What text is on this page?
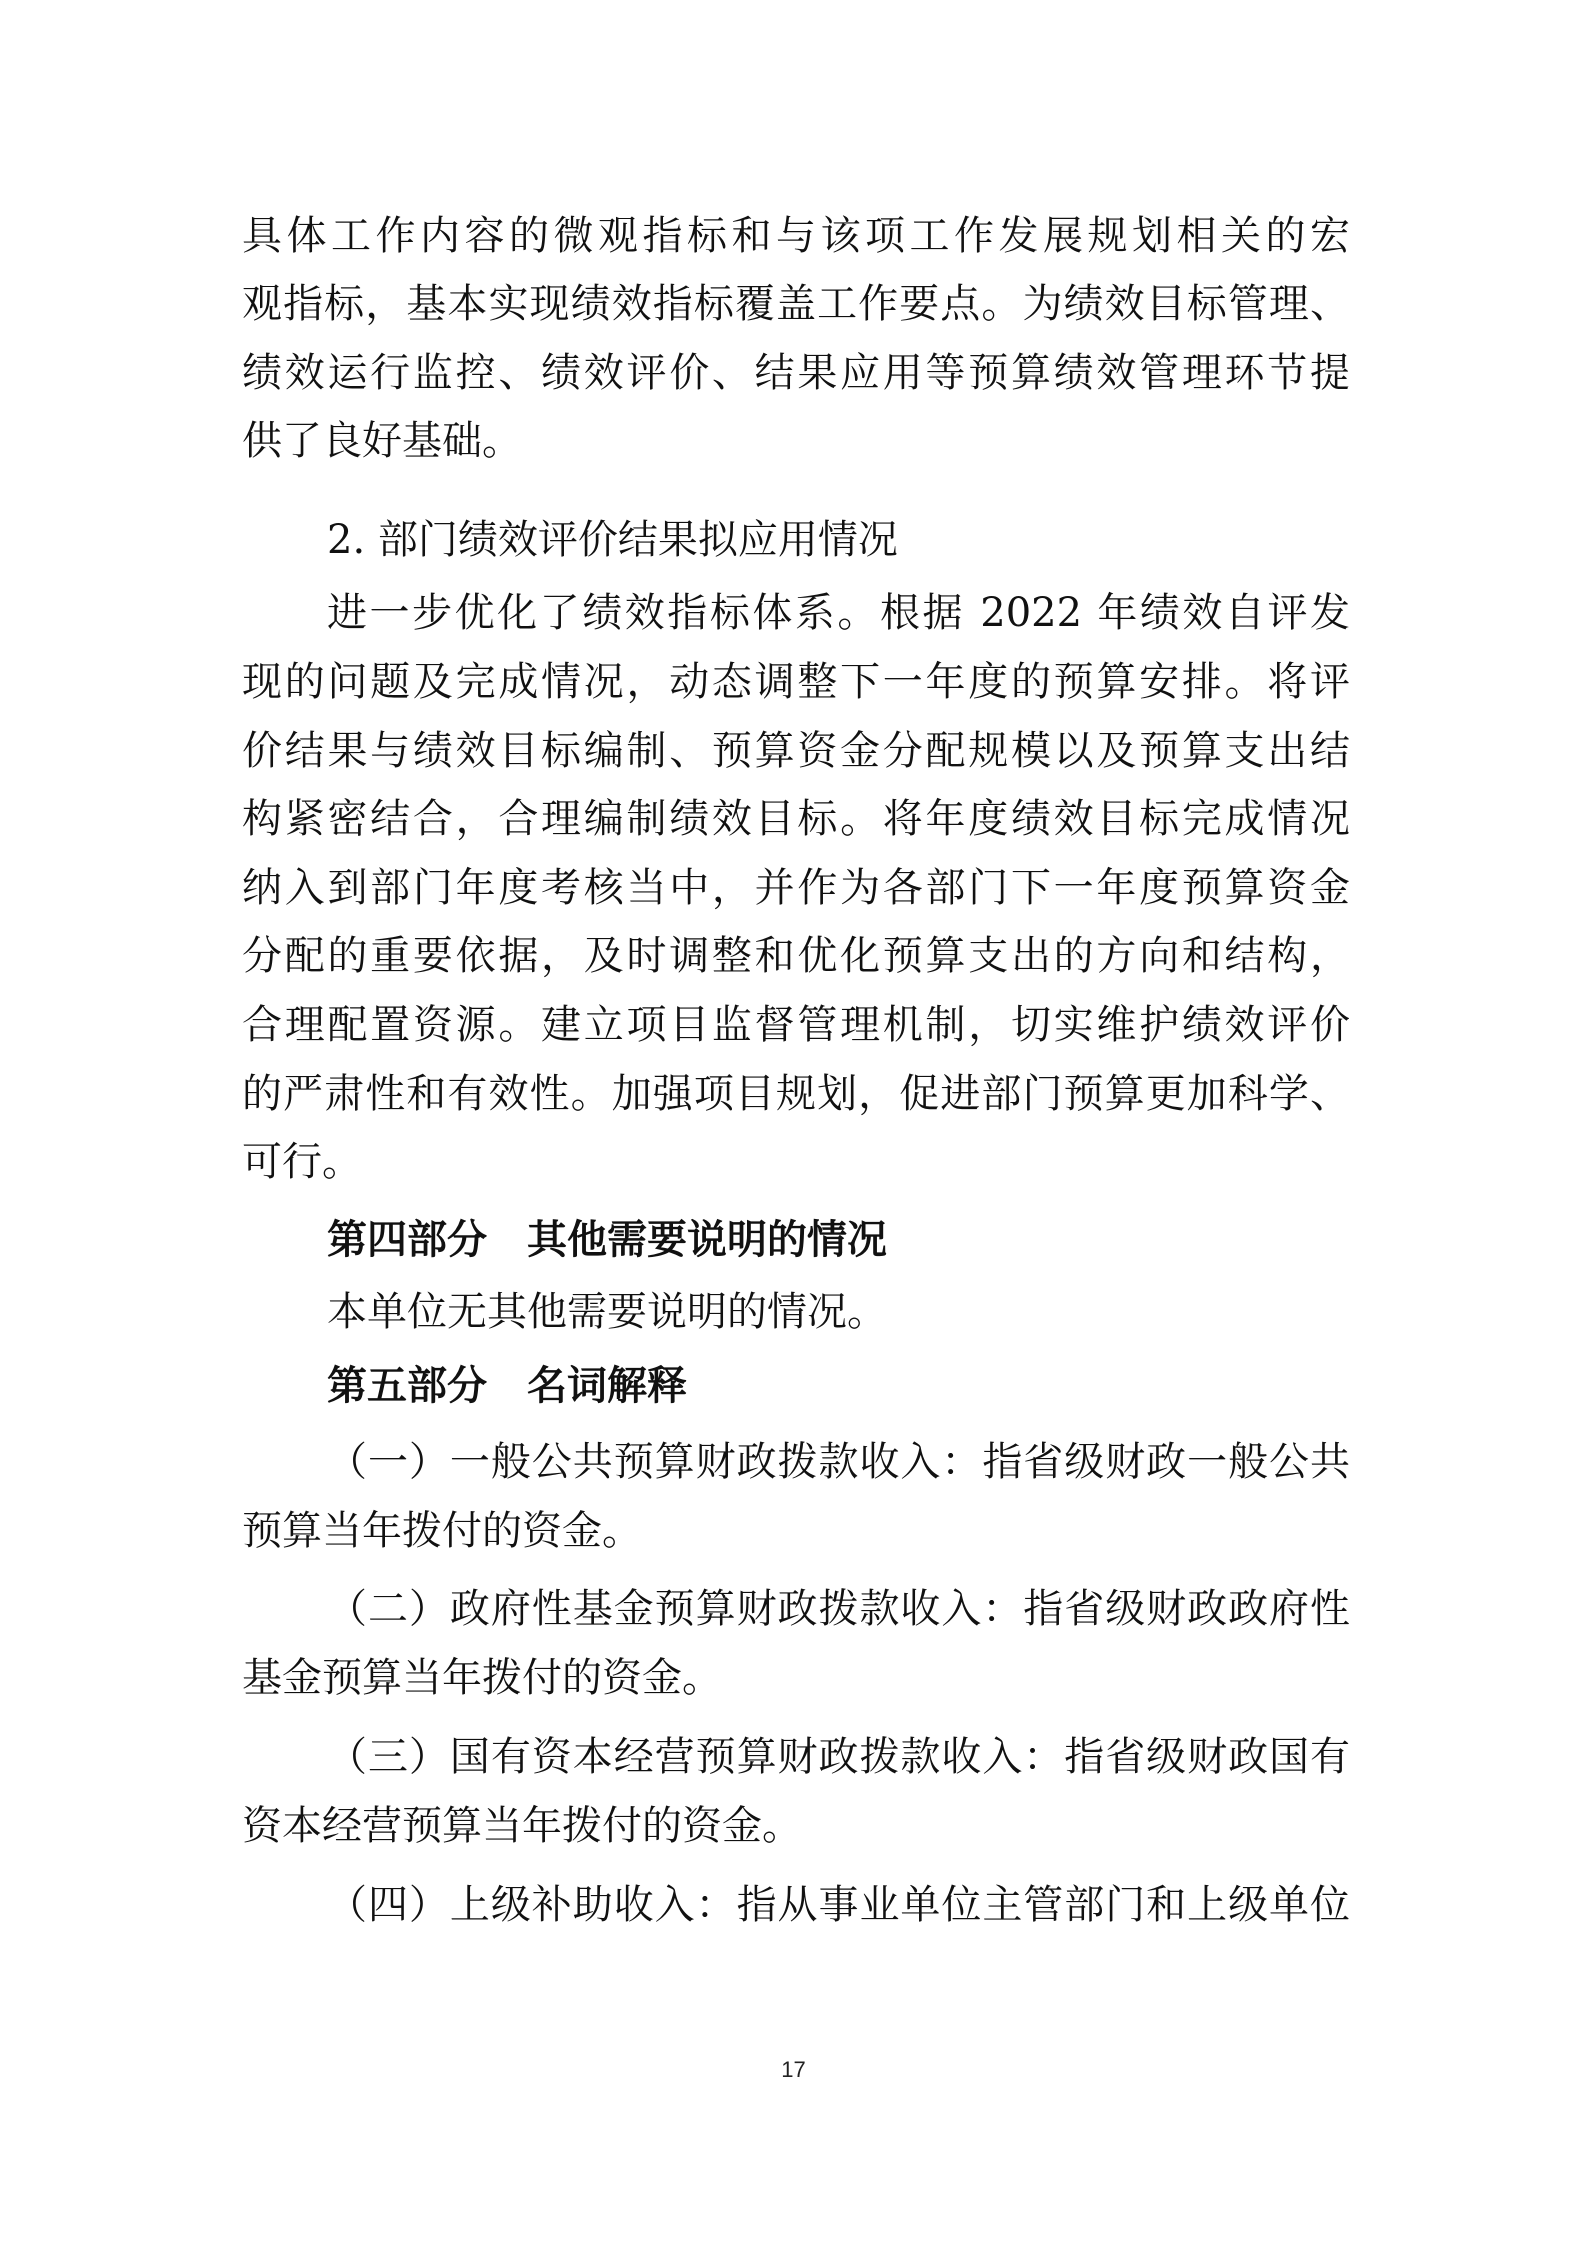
具体工作内容的微观指标和与该项工作发展规划相关的宏
观指标，基本实现绩效指标覆盖工作要点。为绩效目标管理、
绩效运行监控、绩效评价、结果应用等预算绩效管理环节提
供了良好基础。
2. 部门绩效评价结果拟应用情况
进一步优化了绩效指标体系。根据 2022 年绩效自评发
现的问题及完成情况，动态调整下一年度的预算安排。将评
价结果与绩效目标编制、预算资金分配规模以及预算支出结
构紧密结合，合理编制绩效目标。将年度绩效目标完成情况
纳入到部门年度考核当中，并作为各部门下一年度预算资金
分配的重要依据，及时调整和优化预算支出的方向和结构，
合理配置资源。建立项目监督管理机制，切实维护绩效评价
的严肃性和有效性。加强项目规划，促进部门预算更加科学、
可行。
第四部分　其他需要说明的情况
本单位无其他需要说明的情况。
第五部分　名词解释
（一）一般公共预算财政拨款收入：指省级财政一般公共
预算当年拨付的资金。
（二）政府性基金预算财政拨款收入：指省级财政政府性
基金预算当年拨付的资金。
（三）国有资本经营预算财政拨款收入：指省级财政国有
资本经营预算当年拨付的资金。
（四）上级补助收入：指从事业单位主管部门和上级单位
17
